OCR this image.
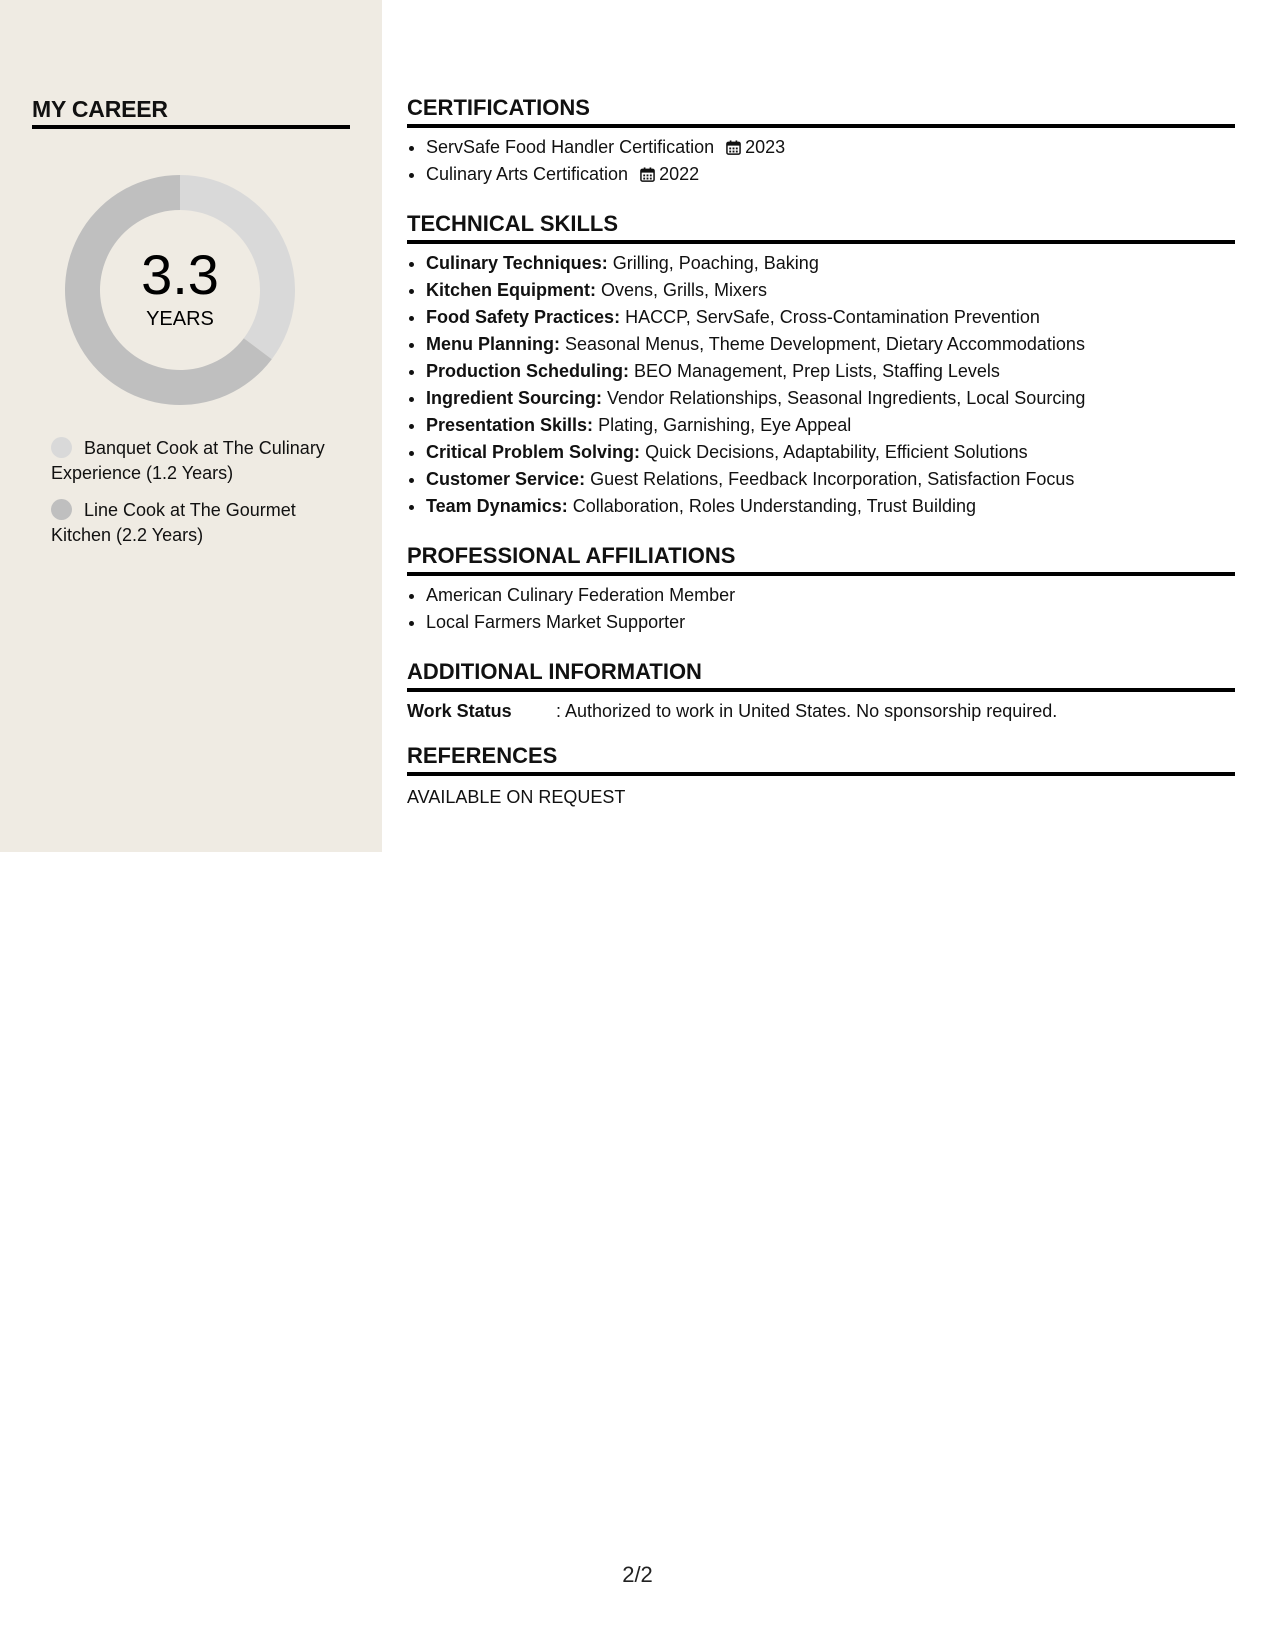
MY CAREER
3.3
YEARS
Banquet Cook at The Culinary Experience (1.2 Years)
Line Cook at The Gourmet Kitchen (2.2 Years)
CERTIFICATIONS
• ServSafe Food Handler Certification 2023
• Culinary Arts Certification 2022
TECHNICAL SKILLS
• Culinary Techniques: Grilling, Poaching, Baking
• Kitchen Equipment: Ovens, Grills, Mixers
• Food Safety Practices: HACCP, ServSafe, Cross-Contamination Prevention
• Menu Planning: Seasonal Menus, Theme Development, Dietary Accommodations
• Production Scheduling: BEO Management, Prep Lists, Staffing Levels
• Ingredient Sourcing: Vendor Relationships, Seasonal Ingredients, Local Sourcing
• Presentation Skills: Plating, Garnishing, Eye Appeal
• Critical Problem Solving: Quick Decisions, Adaptability, Efficient Solutions
• Customer Service: Guest Relations, Feedback Incorporation, Satisfaction Focus
• Team Dynamics: Collaboration, Roles Understanding, Trust Building
PROFESSIONAL AFFILIATIONS
• American Culinary Federation Member
• Local Farmers Market Supporter
ADDITIONAL INFORMATION
Work Status : Authorized to work in United States. No sponsorship required.
REFERENCES

AVAILABLE ON REQUEST

2/2
